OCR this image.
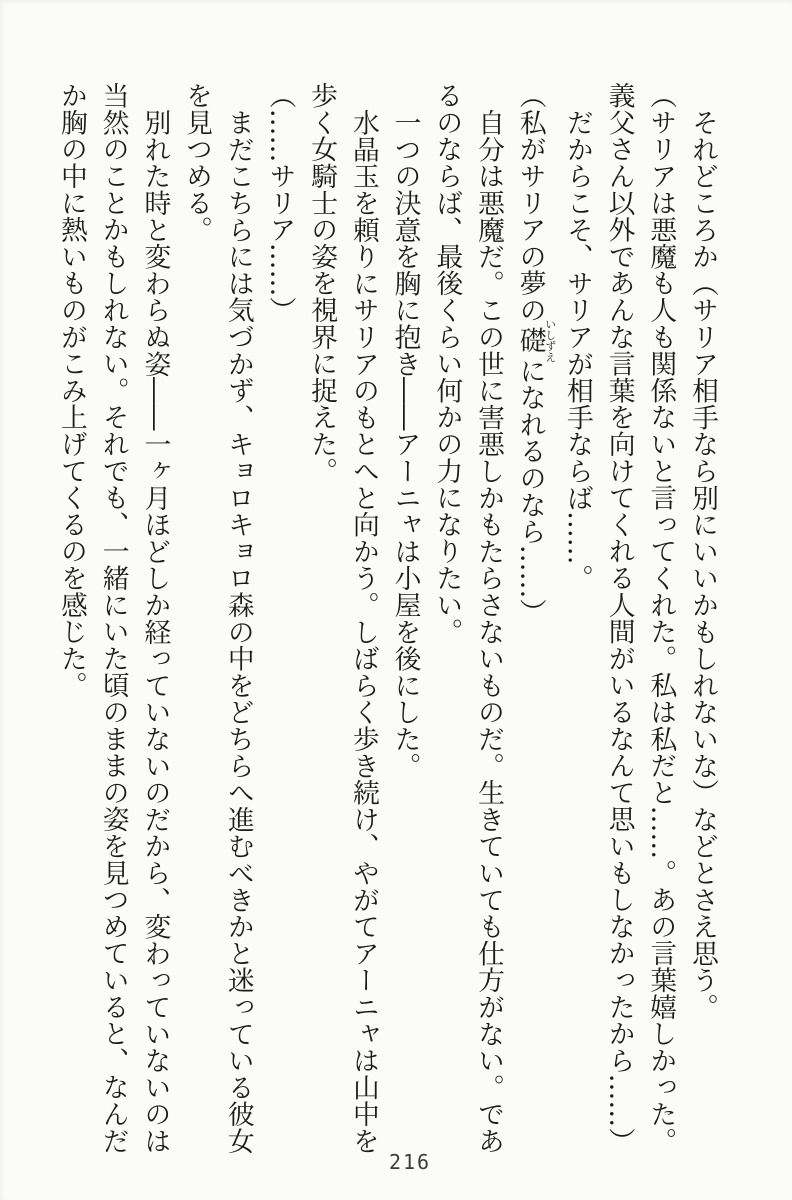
それどころか（サリア相手なら別にいいかもしれないな）などとさえ思う。

（サリアは悪魔も人も関係ないと言ってくれた。私は私だと……。あの言葉嬉しかった。義父さん以外であんな言葉を向けてくれる人間がいるなんて思いもしなかったから……）

だからこそ、サリアが相手ならば……。

（私がサリアの夢の礎いしずえになれるのなら……）

自分は悪魔だ。この世に害悪しかもたらさないものだ。生きていても仕方がない。であるのならば、最後くらい何かの力になりたい。

一つの決意を胸に抱き――アーニャは小屋を後にした。

水晶玉を頼りにサリアのもとへと向かう。しばらく歩き続け、やがてアーニャは山中を歩く女騎士の姿を視界に捉えた。

（……サリア……）

まだこちらには気づかず、キョロキョロ森の中をどちらへ進むべきかと迷っている彼女を見つめる。

別れた時と変わらぬ姿――一ヶ月ほどしか経っていないのだから、変わっていないのは当然のことかもしれない。それでも、一緒にいた頃のままの姿を見つめていると、なんだか胸の中に熱いものがこみ上げてくるのを感じた。

216
